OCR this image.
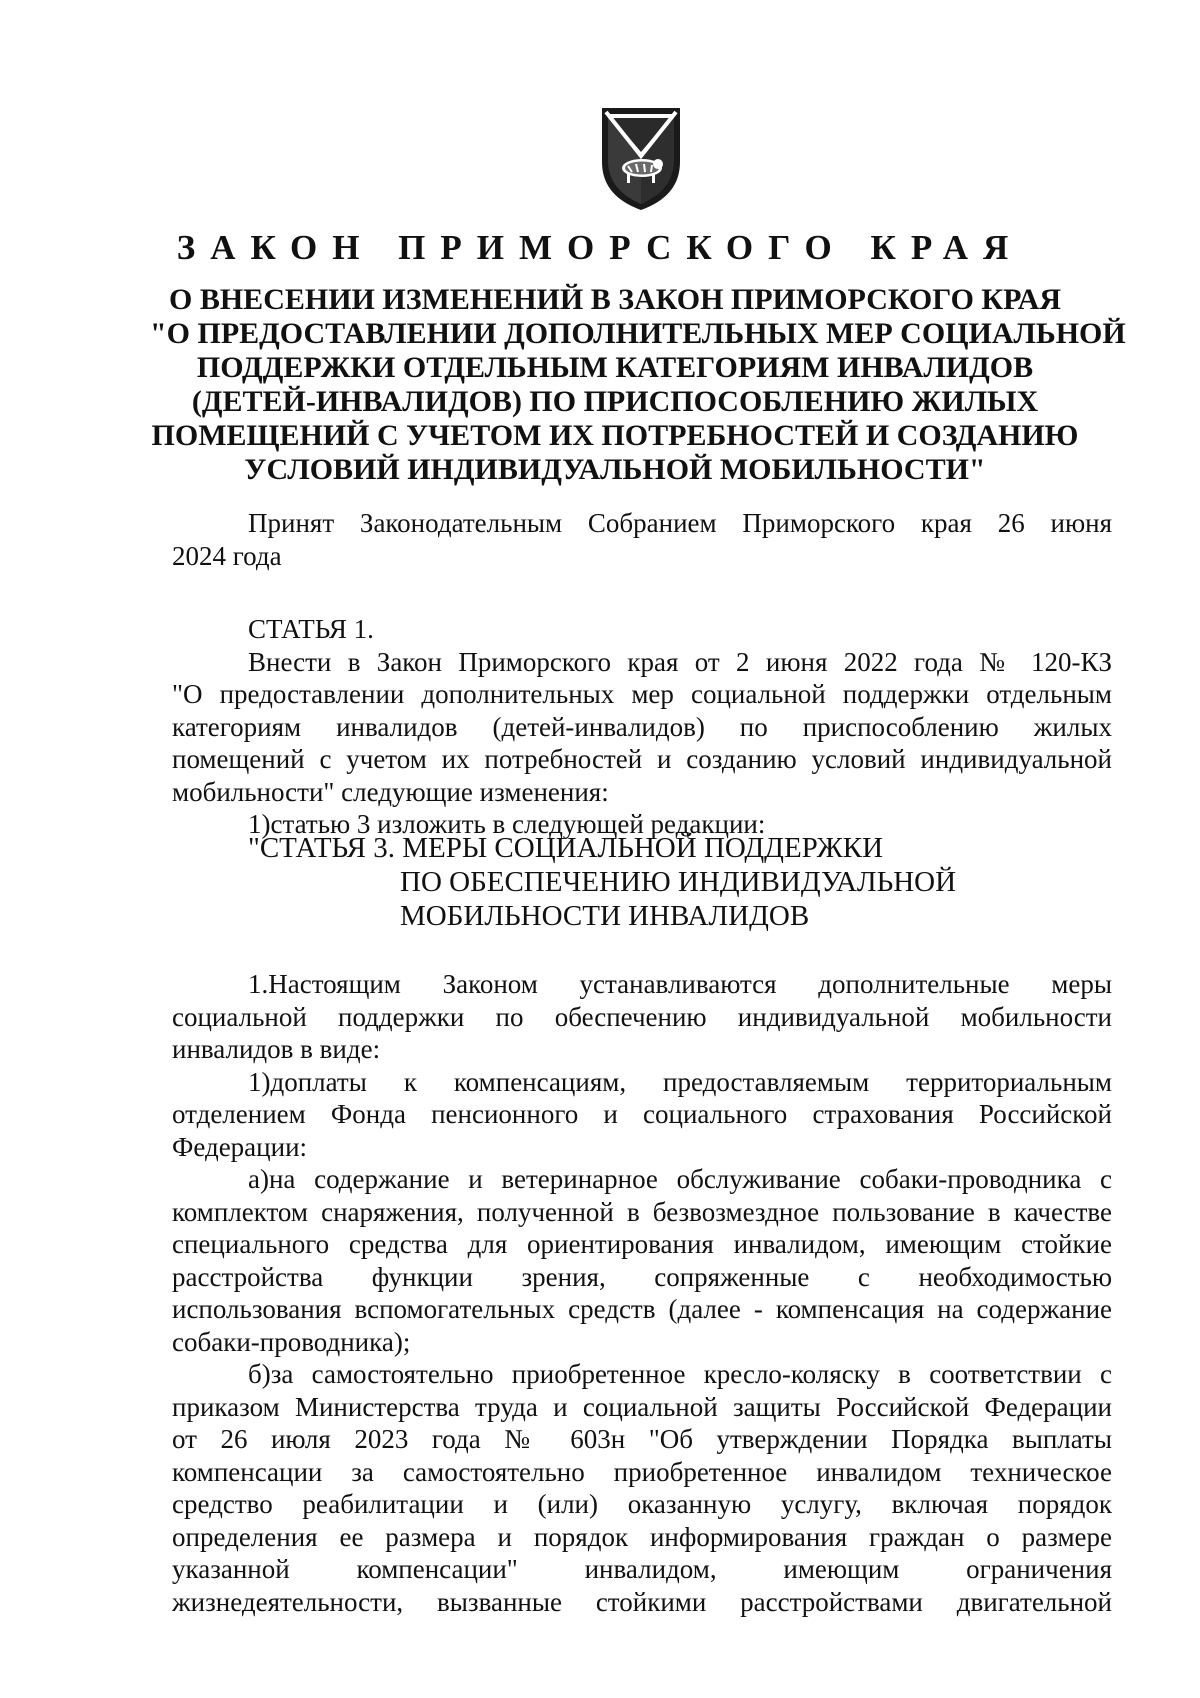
ЗАКОН ПРИМОРСКОГО КРАЯ
О ВНЕСЕНИИ ИЗМЕНЕНИЙ В ЗАКОН ПРИМОРСКОГО КРАЯ
"О ПРЕДОСТАВЛЕНИИ ДОПОЛНИТЕЛЬНЫХ МЕР СОЦИАЛЬНОЙ
ПОДДЕРЖКИ ОТДЕЛЬНЫМ КАТЕГОРИЯМ ИНВАЛИДОВ
(ДЕТЕЙ-ИНВАЛИДОВ) ПО ПРИСПОСОБЛЕНИЮ ЖИЛЫХ
ПОМЕЩЕНИЙ С УЧЕТОМ ИХ ПОТРЕБНОСТЕЙ И СОЗДАНИЮ
УСЛОВИЙ ИНДИВИДУАЛЬНОЙ МОБИЛЬНОСТИ"
Принят Законодательным Собранием Приморского края 26 июня
2024 года
СТАТЬЯ 1.
Внести в Закон Приморского края от 2 июня 2022 года № 120-КЗ
"О предоставлении дополнительных мер социальной поддержки отдельным
категориям инвалидов (детей-инвалидов) по приспособлению жилых
помещений с учетом их потребностей и созданию условий индивидуальной
мобильности" следующие изменения:
1)статью 3 изложить в следующей редакции:
"СТАТЬЯ 3. МЕРЫ СОЦИАЛЬНОЙ ПОДДЕРЖКИ
ПО ОБЕСПЕЧЕНИЮ ИНДИВИДУАЛЬНОЙ
МОБИЛЬНОСТИ ИНВАЛИДОВ
1.Настоящим Законом устанавливаются дополнительные меры
социальной поддержки по обеспечению индивидуальной мобильности
инвалидов в виде:
1)доплаты к компенсациям, предоставляемым территориальным
отделением Фонда пенсионного и социального страхования Российской
Федерации:
а)на содержание и ветеринарное обслуживание собаки-проводника с
комплектом снаряжения, полученной в безвозмездное пользование в качестве
специального средства для ориентирования инвалидом, имеющим стойкие
расстройства функции зрения, сопряженные с необходимостью
использования вспомогательных средств (далее - компенсация на содержание
собаки-проводника);
б)за самостоятельно приобретенное кресло-коляску в соответствии с
приказом Министерства труда и социальной защиты Российской Федерации
от 26 июля 2023 года № 603н "Об утверждении Порядка выплаты
компенсации за самостоятельно приобретенное инвалидом техническое
средство реабилитации и (или) оказанную услугу, включая порядок
определения ее размера и порядок информирования граждан о размере
указанной компенсации" инвалидом, имеющим ограничения
жизнедеятельности, вызванные стойкими расстройствами двигательной
